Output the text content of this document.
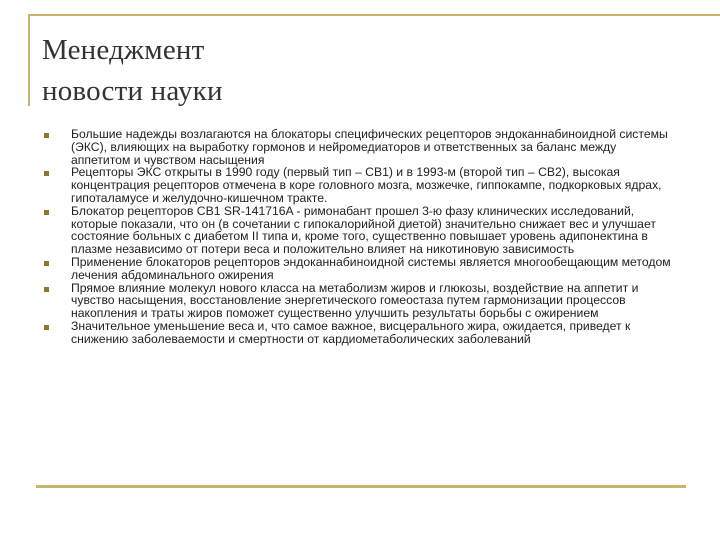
Менеджмент
новости науки
Большие надежды возлагаются на блокаторы специфических рецепторов эндоканнабиноидной системы (ЭКС), влияющих на выработку гормонов и нейромедиаторов и ответственных за баланс между аппетитом и чувством насыщения
Рецепторы ЭКС открыты в 1990 году (первый тип – CB1) и в 1993-м (второй тип – CB2), высокая концентрация рецепторов отмечена в коре головного мозга, мозжечке, гиппокампе, подкорковых ядрах, гипоталамусе и желудочно-кишечном тракте.
Блокатор рецепторов CB1 SR-141716A - римонабант прошел 3-ю фазу клинических исследований, которые показали, что он (в сочетании с гипокалорийной диетой) значительно снижает вес и улучшает состояние больных с диабетом II типа и, кроме того, существенно повышает уровень адипонектина в плазме независимо от потери веса и положительно влияет на никотиновую зависимость
Применение блокаторов рецепторов эндоканнабиноидной системы является многообещающим методом лечения абдоминального ожирения
Прямое влияние молекул нового класса на метаболизм жиров и глюкозы, воздействие на аппетит и чувство насыщения, восстановление энергетического гомеостаза путем гармонизации процессов накопления и траты жиров поможет существенно улучшить результаты борьбы с ожирением
Значительное уменьшение веса и, что самое важное, висцерального жира, ожидается, приведет к снижению заболеваемости и смертности от кардиометаболических заболеваний
